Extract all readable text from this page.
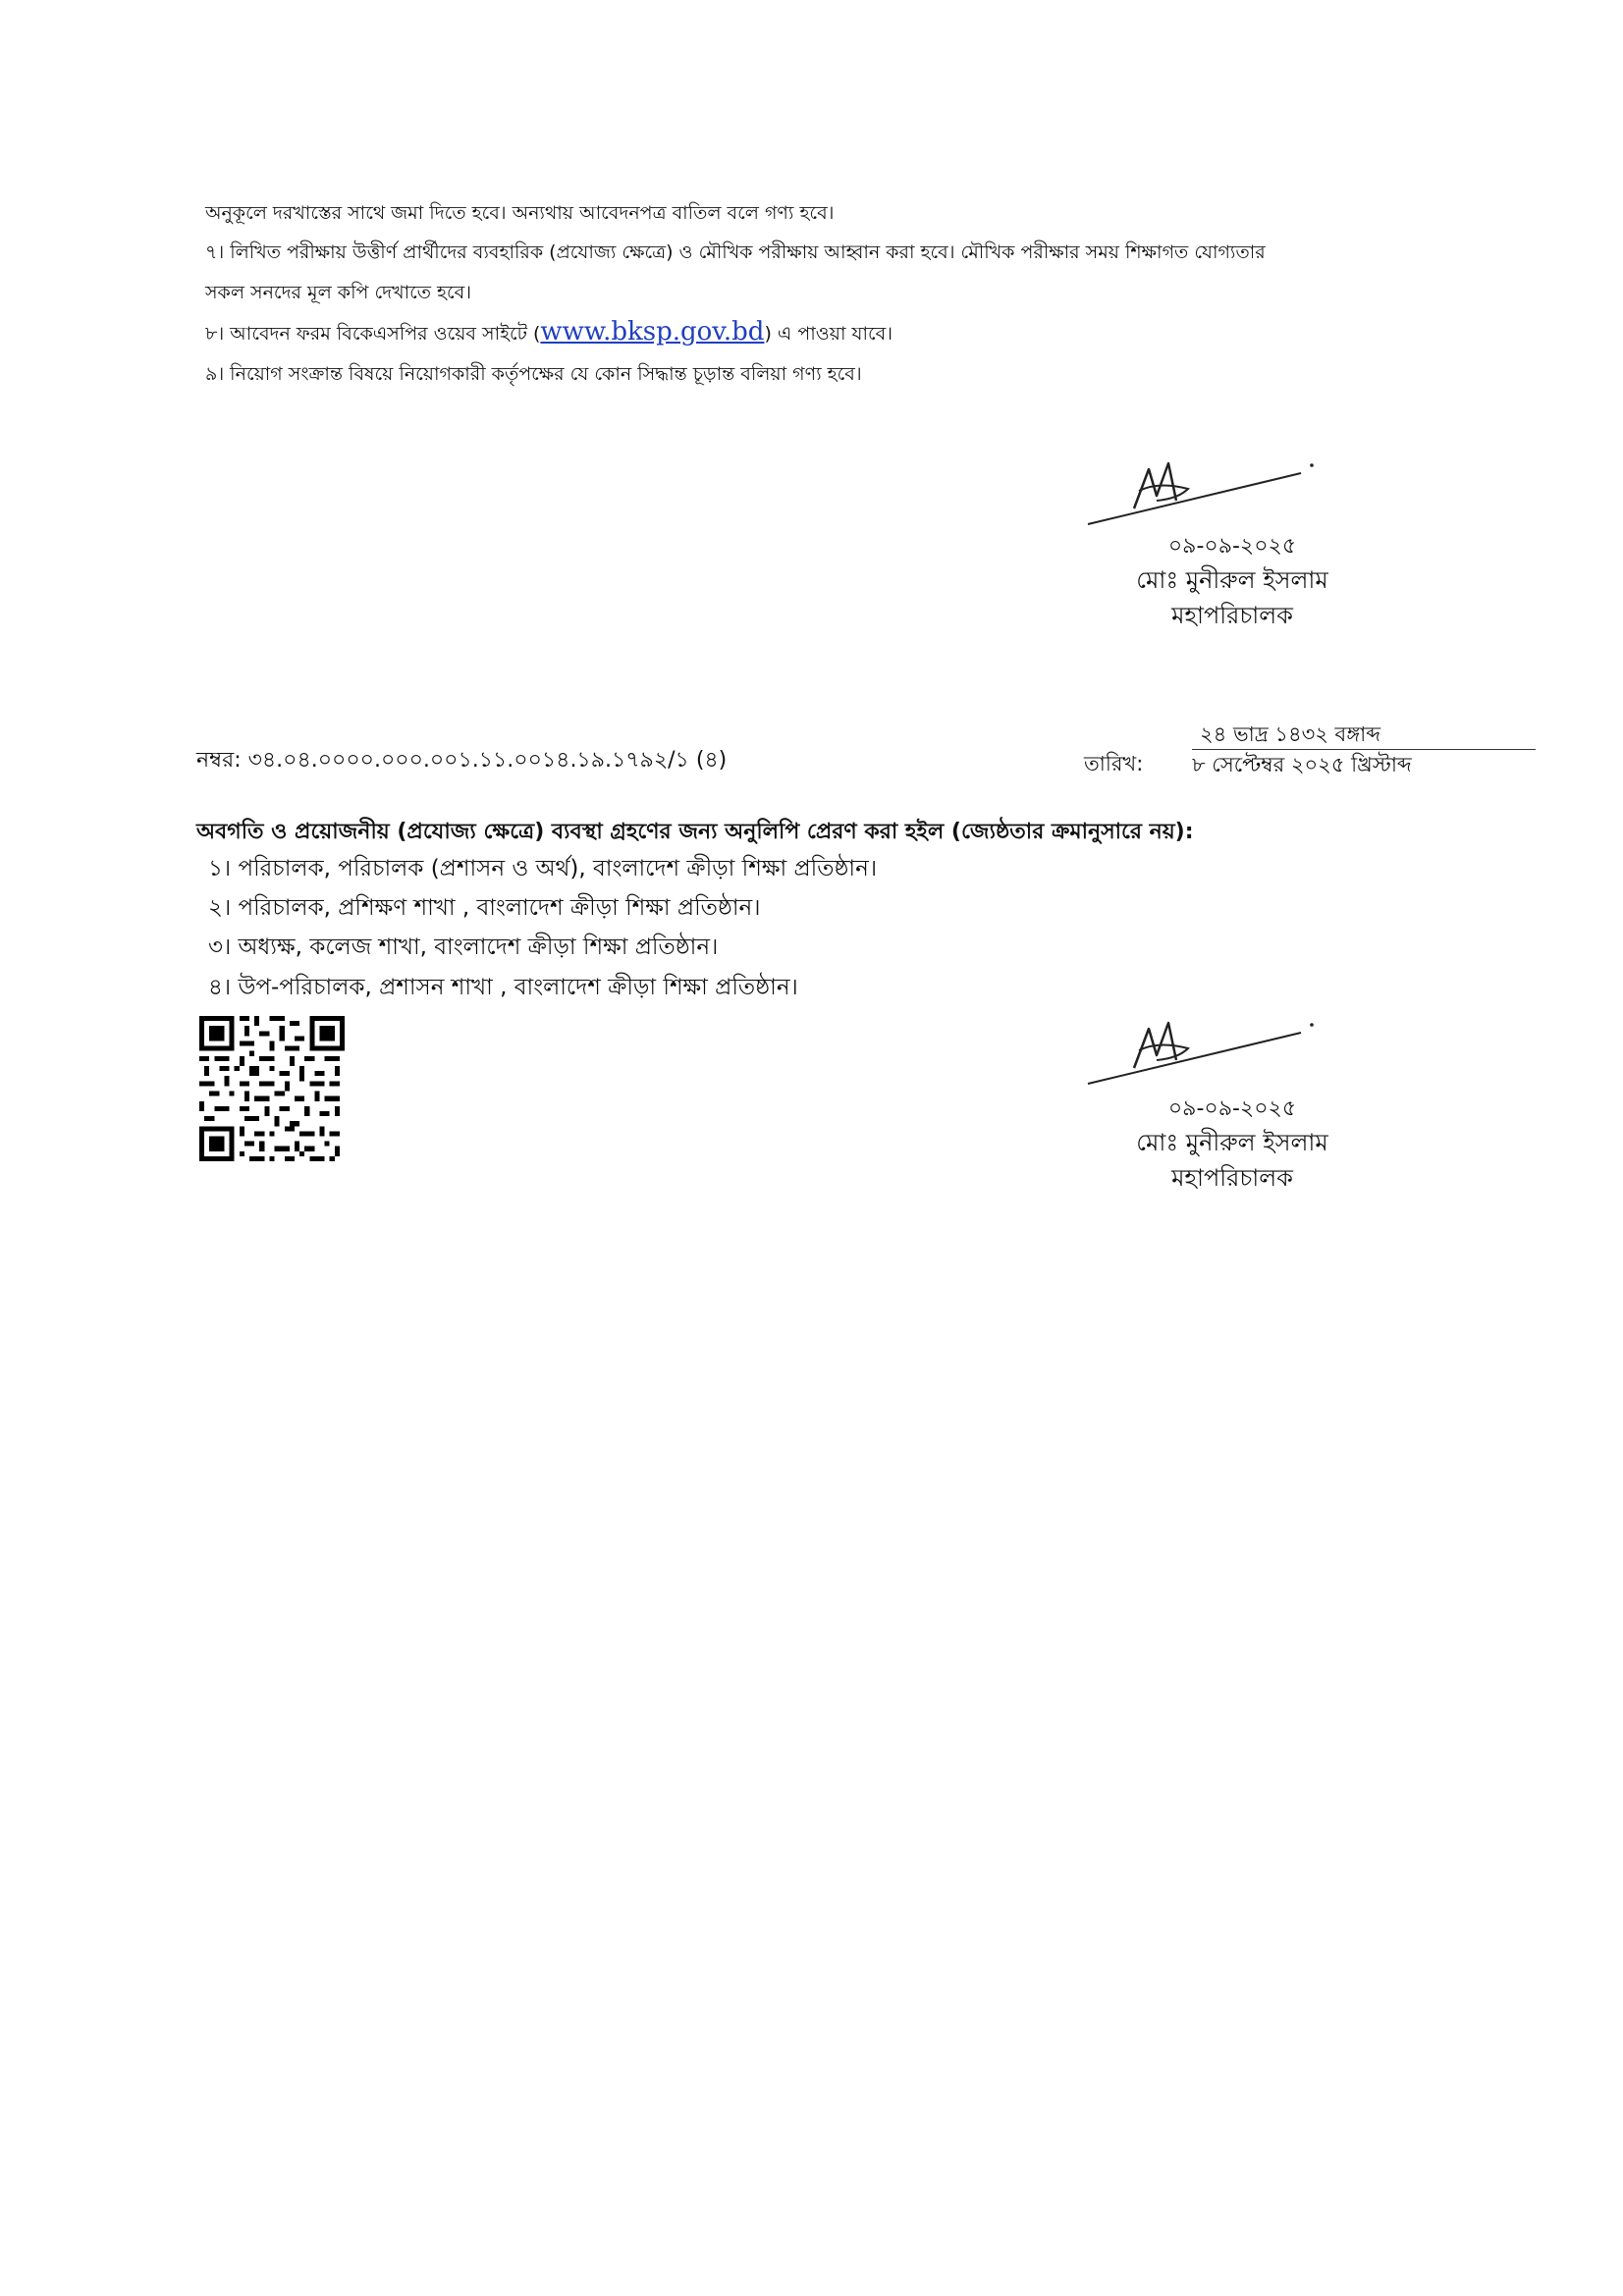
অনুকূলে দরখাস্তের সাথে জমা দিতে হবে। অন্যথায় আবেদনপত্র বাতিল বলে গণ্য হবে।
৭। লিখিত পরীক্ষায় উত্তীর্ণ প্রার্থীদের ব্যবহারিক (প্রযোজ্য ক্ষেত্রে) ও মৌখিক পরীক্ষায় আহ্বান করা হবে। মৌখিক পরীক্ষার সময় শিক্ষাগত যোগ্যতার
সকল সনদের মূল কপি দেখাতে হবে।
৮। আবেদন ফরম বিকেএসপির ওয়েব সাইটে (www.bksp.gov.bd) এ পাওয়া যাবে।
৯। নিয়োগ সংক্রান্ত বিষয়ে নিয়োগকারী কর্তৃপক্ষের যে কোন সিদ্ধান্ত চূড়ান্ত বলিয়া গণ্য হবে।
০৯-০৯-২০২৫
মোঃ মুনীরুল ইসলাম
মহাপরিচালক
নম্বর: ৩৪.০৪.০০০০.০০০.০০১.১১.০০১৪.১৯.১৭৯২/১ (৪)	তারিখ:
২৪ ভাদ্র ১৪৩২ বঙ্গাব্দ
৮ সেপ্টেম্বর ২০২৫ খ্রিস্টাব্দ
অবগতি ও প্রয়োজনীয় (প্রযোজ্য ক্ষেত্রে) ব্যবস্থা গ্রহণের জন্য অনুলিপি প্রেরণ করা হইল (জ্যেষ্ঠতার ক্রমানুসারে নয়):
১। পরিচালক, পরিচালক (প্রশাসন ও অর্থ), বাংলাদেশ ক্রীড়া শিক্ষা প্রতিষ্ঠান।
২। পরিচালক, প্রশিক্ষণ শাখা , বাংলাদেশ ক্রীড়া শিক্ষা প্রতিষ্ঠান।
৩। অধ্যক্ষ, কলেজ শাখা, বাংলাদেশ ক্রীড়া শিক্ষা প্রতিষ্ঠান।
৪। উপ-পরিচালক, প্রশাসন শাখা , বাংলাদেশ ক্রীড়া শিক্ষা প্রতিষ্ঠান।
০৯-০৯-২০২৫
মোঃ মুনীরুল ইসলাম
মহাপরিচালক
